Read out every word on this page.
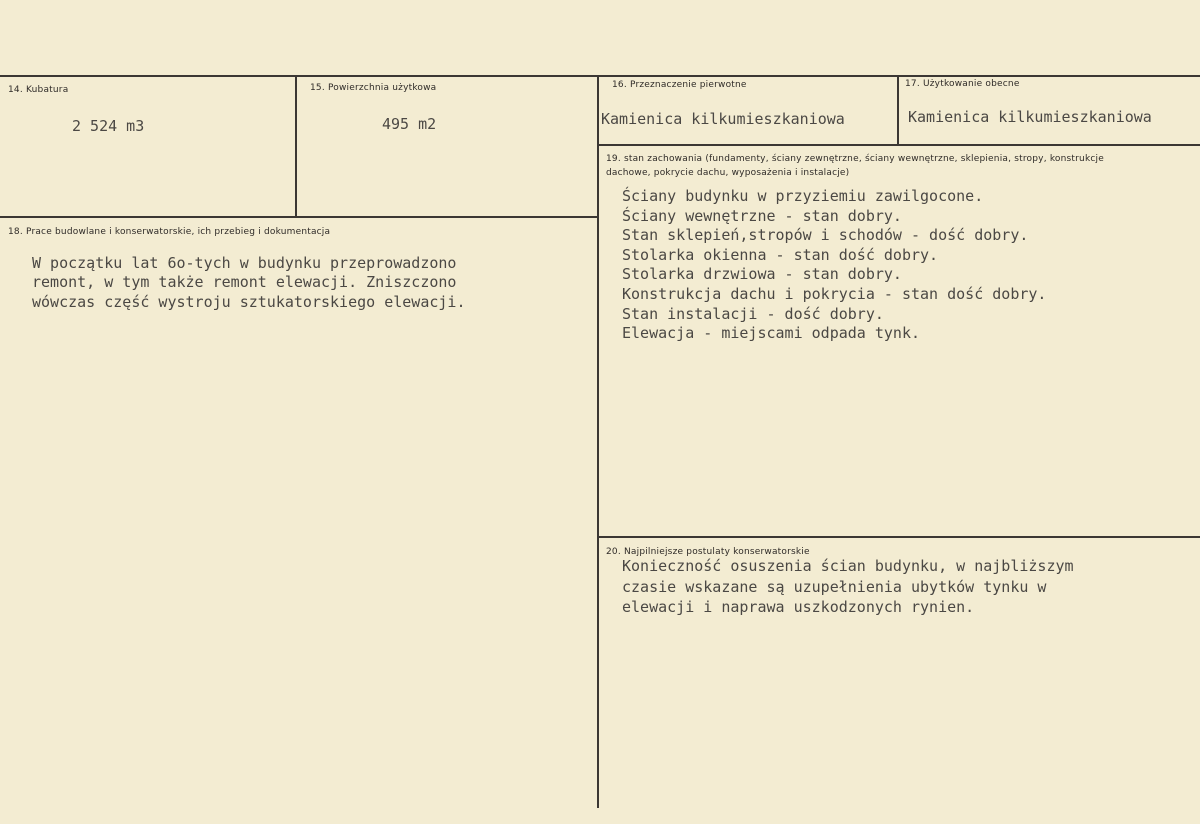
14. Kubatura
2 524 m3
15. Powierzchnia użytkowa
495 m2
16. Przeznaczenie pierwotne
Kamienica kilkumieszkaniowa
17. Użytkowanie obecne
Kamienica kilkumieszkaniowa
18. Prace budowlane i konserwatorskie, ich przebieg i dokumentacja
W początku lat 6o-tych w budynku przeprowadzono
remont, w tym także remont elewacji. Zniszczono
wówczas część wystroju sztukatorskiego elewacji.
19. stan zachowania (fundamenty, ściany zewnętrzne, ściany wewnętrzne, sklepienia, stropy, konstrukcje dachowe, pokrycie dachu, wyposażenia i instalacje)
Ściany budynku w przyziemiu zawilgocone.
Ściany wewnętrzne - stan dobry.
Stan sklepień,stropów i schodów - dość dobry.
Stolarka okienna - stan dość dobry.
Stolarka drzwiowa - stan dobry.
Konstrukcja dachu i pokrycia - stan dość dobry.
Stan instalacji - dość dobry.
Elewacja - miejscami odpada tynk.
20. Najpilniejsze postulaty konserwatorskie
Konieczność osuszenia ścian budynku, w najbliższym
czasie wskazane są uzupełnienia ubytków tynku w
elewacji i naprawa uszkodzonych rynien.
